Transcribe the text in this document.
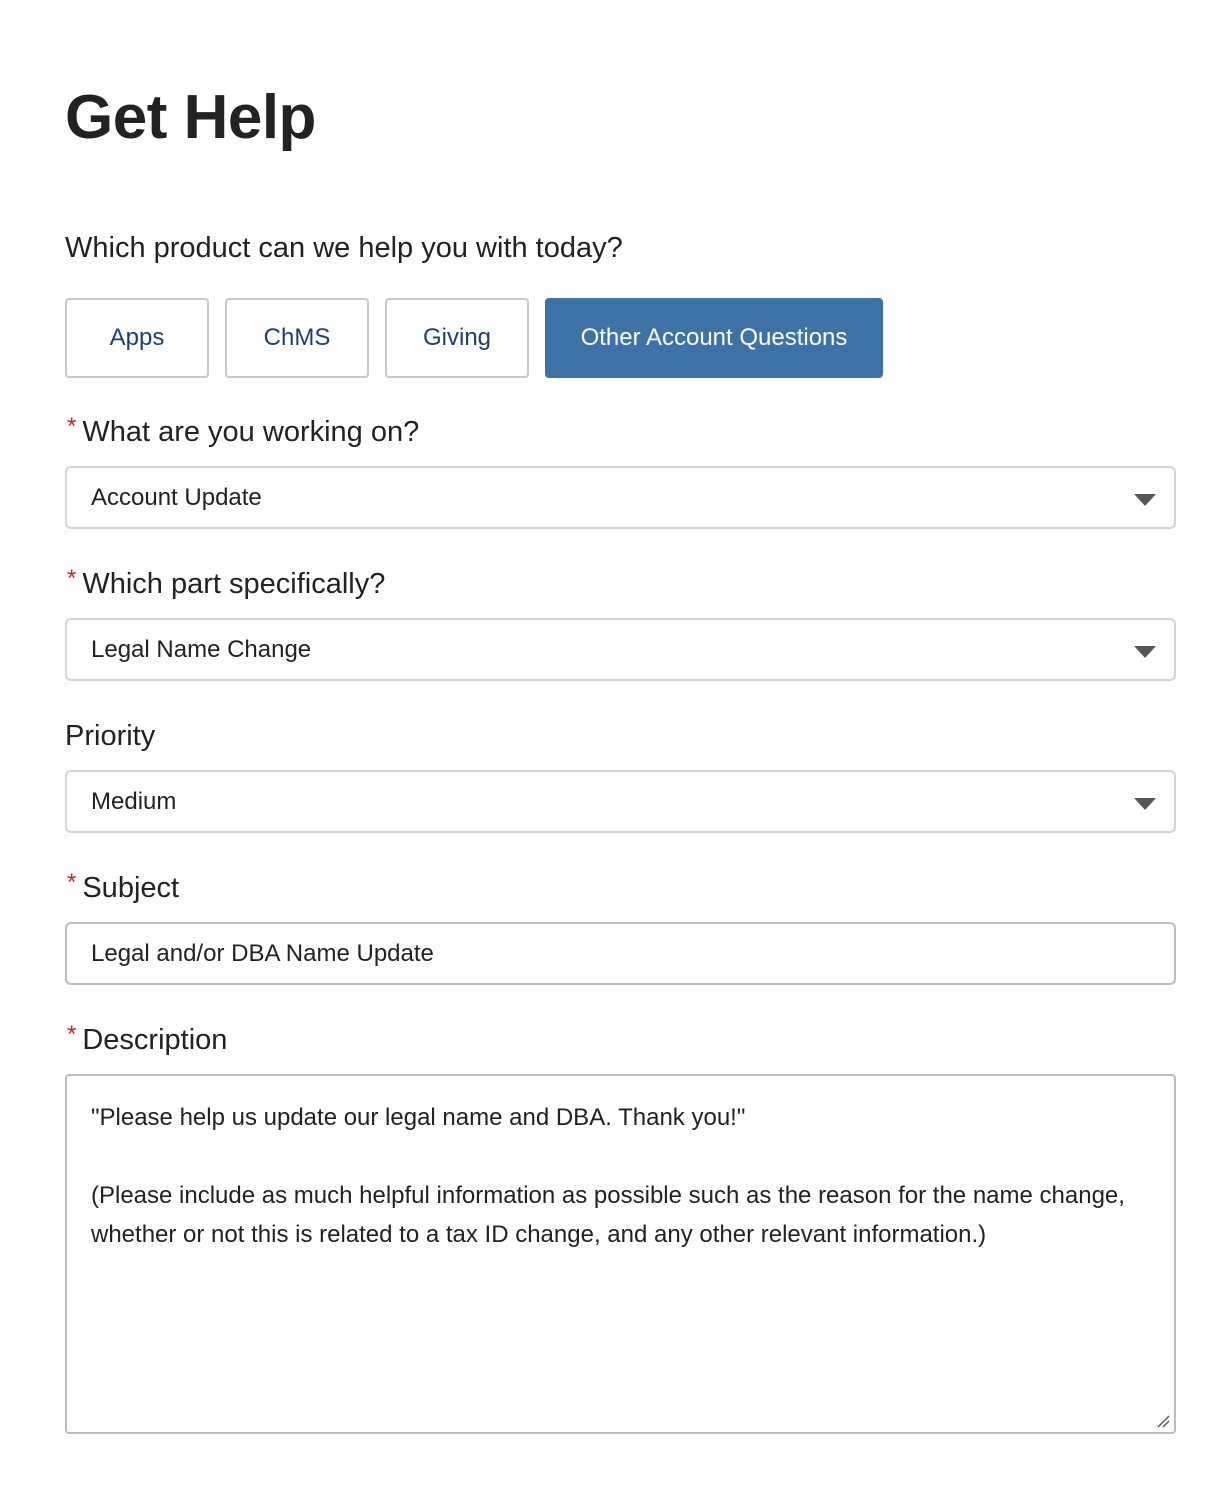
Get Help
Which product can we help you with today?
Apps	ChMS	Giving	Other Account Questions
* What are you working on?
Account Update
* Which part specifically?
Legal Name Change
Priority
Medium
* Subject
Legal and/or DBA Name Update
* Description

"Please help us update our legal name and DBA. Thank you!"

(Please include as much helpful information as possible such as the reason for the name change, whether or not this is related to a tax ID change, and any other relevant information.)
